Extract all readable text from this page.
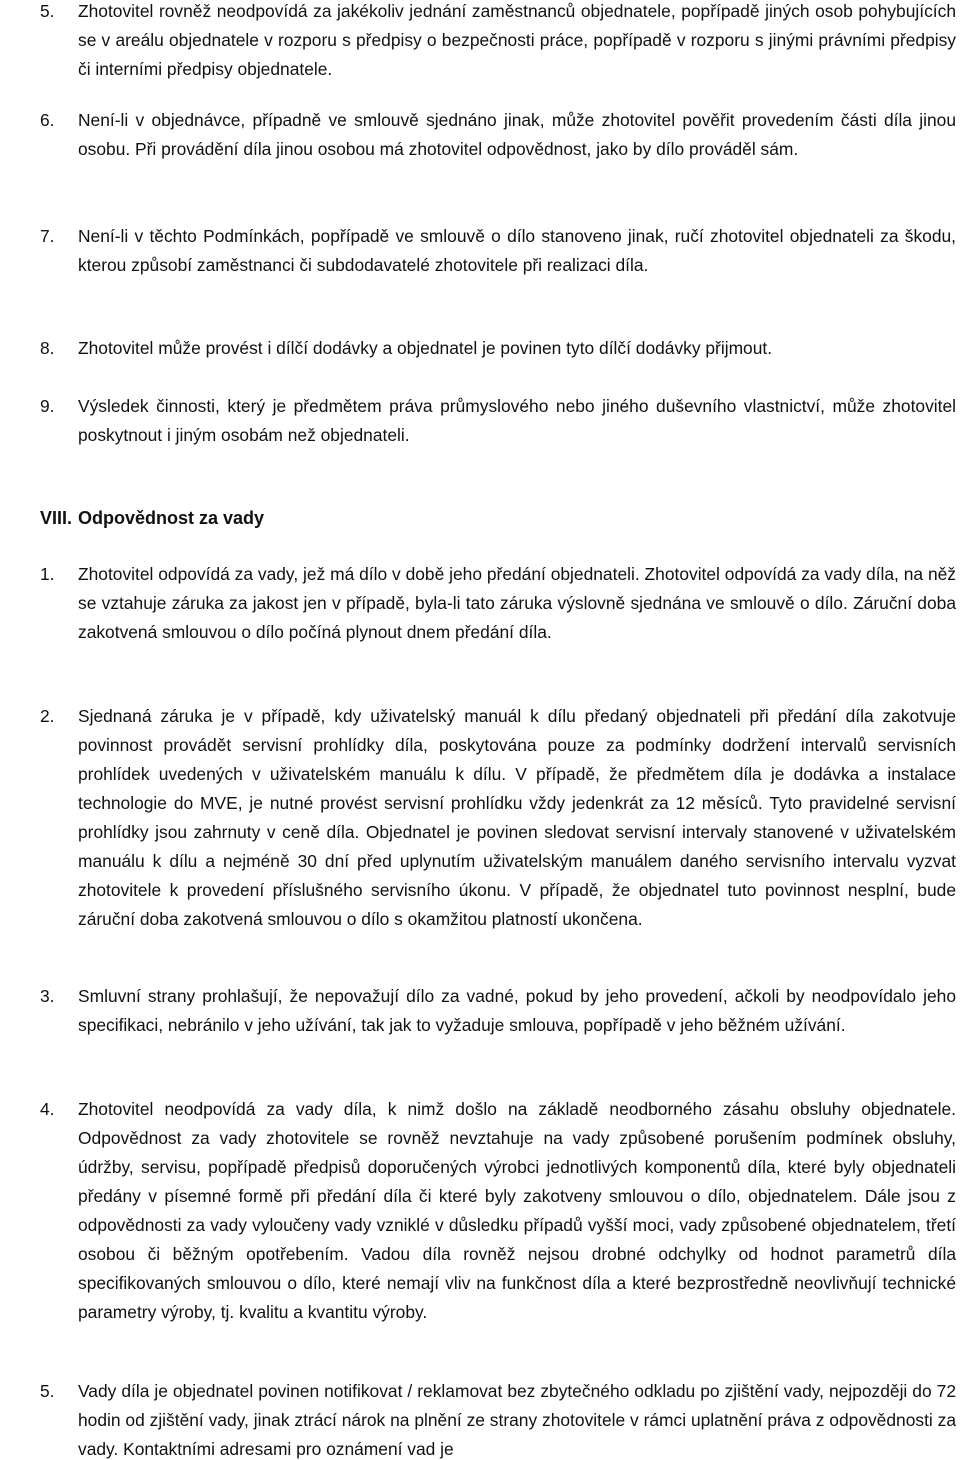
5.	Zhotovitel rovněž neodpovídá za jakékoliv jednání zaměstnanců objednatele, popřípadě jiných osob pohybujících se v areálu objednatele v rozporu s předpisy o bezpečnosti práce, popřípadě v rozporu s jinými právními předpisy či interními předpisy objednatele.
6.	Není-li v objednávce, případně ve smlouvě sjednáno jinak, může zhotovitel pověřit provedením části díla jinou osobu. Při provádění díla jinou osobou má zhotovitel odpovědnost, jako by dílo prováděl sám.
7.	Není-li v těchto Podmínkách, popřípadě ve smlouvě o dílo stanoveno jinak, ručí zhotovitel objednateli za škodu, kterou způsobí zaměstnanci či subdodavatelé zhotovitele při realizaci díla.
8.	Zhotovitel může provést i dílčí dodávky a objednatel je povinen tyto dílčí dodávky přijmout.
9.	Výsledek činnosti, který je předmětem práva průmyslového nebo jiného duševního vlastnictví, může zhotovitel poskytnout i jiným osobám než objednateli.
VIII. Odpovědnost za vady
1.	Zhotovitel odpovídá za vady, jež má dílo v době jeho předání objednateli. Zhotovitel odpovídá za vady díla, na něž se vztahuje záruka za jakost jen v případě, byla-li tato záruka výslovně sjednána ve smlouvě o dílo. Záruční doba zakotvená smlouvou o dílo počíná plynout dnem předání díla.
2.	Sjednaná záruka je v případě, kdy uživatelský manuál k dílu předaný objednateli při předání díla zakotvuje povinnost provádět servisní prohlídky díla, poskytována pouze za podmínky dodržení intervalů servisních prohlídek uvedených v uživatelském manuálu k dílu. V případě, že předmětem díla je dodávka a instalace technologie do MVE, je nutné provést servisní prohlídku vždy jedenkrát za 12 měsíců. Tyto pravidelné servisní prohlídky jsou zahrnuty v ceně díla. Objednatel je povinen sledovat servisní intervaly stanovené v uživatelském manuálu k dílu a nejméně 30 dní před uplynutím uživatelským manuálem daného servisního intervalu vyzvat zhotovitele k provedení příslušného servisního úkonu. V případě, že objednatel tuto povinnost nesplní, bude záruční doba zakotvená smlouvou o dílo s okamžitou platností ukončena.
3.	Smluvní strany prohlašují, že nepovažují dílo za vadné, pokud by jeho provedení, ačkoli by neodpovídalo jeho specifikaci, nebránilo v jeho užívání, tak jak to vyžaduje smlouva, popřípadě v jeho běžném užívání.
4.	Zhotovitel neodpovídá za vady díla, k nimž došlo na základě neodborného zásahu obsluhy objednatele. Odpovědnost za vady zhotovitele se rovněž nevztahuje na vady způsobené porušením podmínek obsluhy, údržby, servisu, popřípadě předpisů doporučených výrobci jednotlivých komponentů díla, které byly objednateli předány v písemné formě při předání díla či které byly zakotveny smlouvou o dílo, objednatelem. Dále jsou z odpovědnosti za vady vyloučeny vady vzniklé v důsledku případů vyšší moci, vady způsobené objednatelem, třetí osobou či běžným opotřebením. Vadou díla rovněž nejsou drobné odchylky od hodnot parametrů díla specifikovaných smlouvou o dílo, které nemají vliv na funkčnost díla a které bezprostředně neovlivňují technické parametry výroby, tj. kvalitu a kvantitu výroby.
5.	Vady díla je objednatel povinen notifikovat / reklamovat bez zbytečného odkladu po zjištění vady, nejpozději do 72 hodin od zjištění vady, jinak ztrácí nárok na plnění ze strany zhotovitele v rámci uplatnění práva z odpovědnosti za vady. Kontaktními adresami pro oznámení vad je
